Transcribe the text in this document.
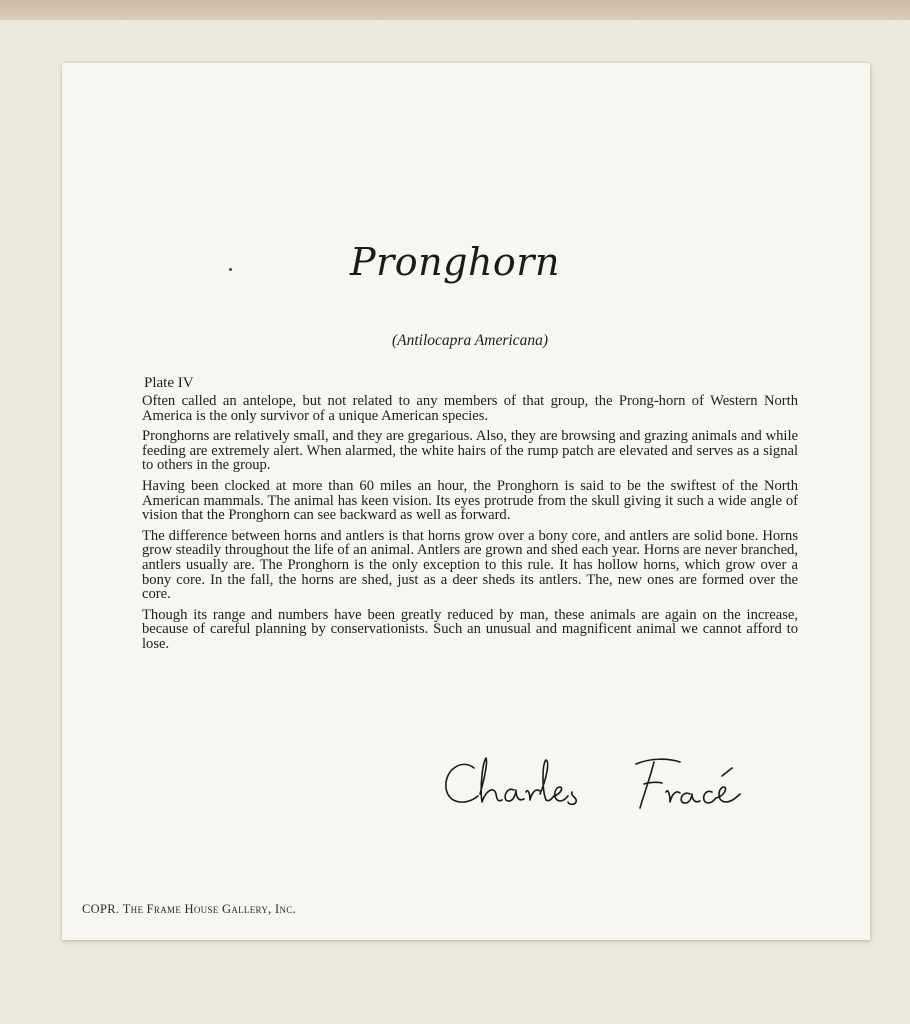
Pronghorn
(Antilocapra Americana)
Plate IV

Often called an antelope, but not related to any members of that group, the Prong-horn of Western North America is the only survivor of a unique American species.

Pronghorns are relatively small, and they are gregarious. Also, they are browsing and grazing animals and while feeding are extremely alert. When alarmed, the white hairs of the rump patch are elevated and serves as a signal to others in the group.

Having been clocked at more than 60 miles an hour, the Pronghorn is said to be the swiftest of the North American mammals. The animal has keen vision. Its eyes protrude from the skull giving it such a wide angle of vision that the Pronghorn can see backward as well as forward.

The difference between horns and antlers is that horns grow over a bony core, and antlers are solid bone. Horns grow steadily throughout the life of an animal. Antlers are grown and shed each year. Horns are never branched, antlers usually are. The Pronghorn is the only exception to this rule. It has hollow horns, which grow over a bony core. In the fall, the horns are shed, just as a deer sheds its antlers. The, new ones are formed over the core.

Though its range and numbers have been greatly reduced by man, these animals are again on the increase, because of careful planning by conservationists. Such an unusual and magnificent animal we cannot afford to lose.

COPR. The Frame House Gallery, Inc.
